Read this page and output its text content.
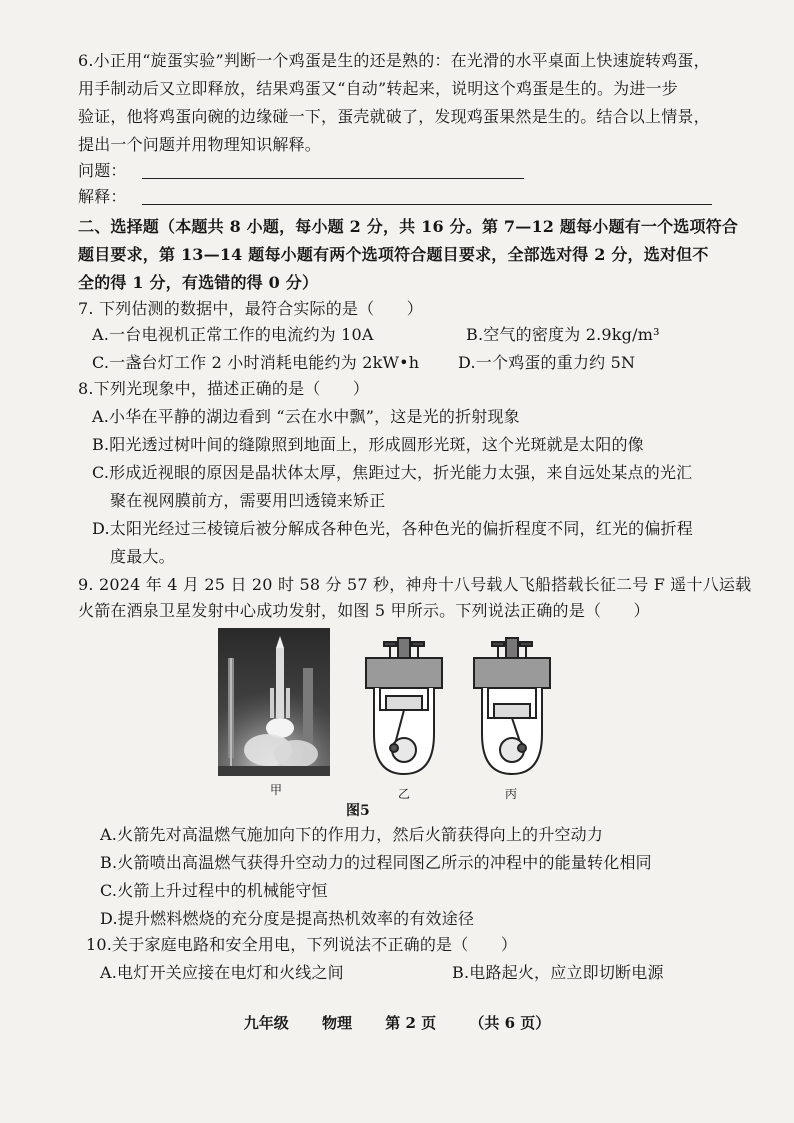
6.小正用“旋蛋实验”判断一个鸡蛋是生的还是熟的：在光滑的水平桌面上快速旋转鸡蛋，
用手制动后又立即释放，结果鸡蛋又“自动”转起来，说明这个鸡蛋是生的。为进一步
验证，他将鸡蛋向碗的边缘碰一下，蛋壳就破了，发现鸡蛋果然是生的。结合以上情景，
提出一个问题并用物理知识解释。
问题：
解释：
二、选择题（本题共 8 小题，每小题 2 分，共 16 分。第 7—12 题每小题有一个选项符合
题目要求，第 13—14 题每小题有两个选项符合题目要求，全部选对得 2 分，选对但不
全的得 1 分，有选错的得 0 分）
7. 下列估测的数据中，最符合实际的是（　　）
A.一台电视机正常工作的电流约为 10A	B.空气的密度为 2.9kg/m³
C.一盏台灯工作 2 小时消耗电能约为 2kW•h D.一个鸡蛋的重力约 5N
8.下列光现象中，描述正确的是（　　）
A.小华在平静的湖边看到 “云在水中飘”，这是光的折射现象
B.阳光透过树叶间的缝隙照到地面上，形成圆形光斑，这个光斑就是太阳的像
C.形成近视眼的原因是晶状体太厚，焦距过大，折光能力太强，来自远处某点的光汇
聚在视网膜前方，需要用凹透镜来矫正
D.太阳光经过三棱镜后被分解成各种色光，各种色光的偏折程度不同，红光的偏折程
度最大。
9. 2024 年 4 月 25 日 20 时 58 分 57 秒，神舟十八号载人飞船搭载长征二号 F 遥十八运载
火箭在酒泉卫星发射中心成功发射，如图 5 甲所示。下列说法正确的是（　　）
甲	乙	丙
图5
A.火箭先对高温燃气施加向下的作用力，然后火箭获得向上的升空动力
B.火箭喷出高温燃气获得升空动力的过程同图乙所示的冲程中的能量转化相同
C.火箭上升过程中的机械能守恒
D.提升燃料燃烧的充分度是提高热机效率的有效途径
10.关于家庭电路和安全用电，下列说法不正确的是（　　）
A.电灯开关应接在电灯和火线之间	B.电路起火，应立即切断电源
九年级 物理 第 2 页 （共 6 页）
